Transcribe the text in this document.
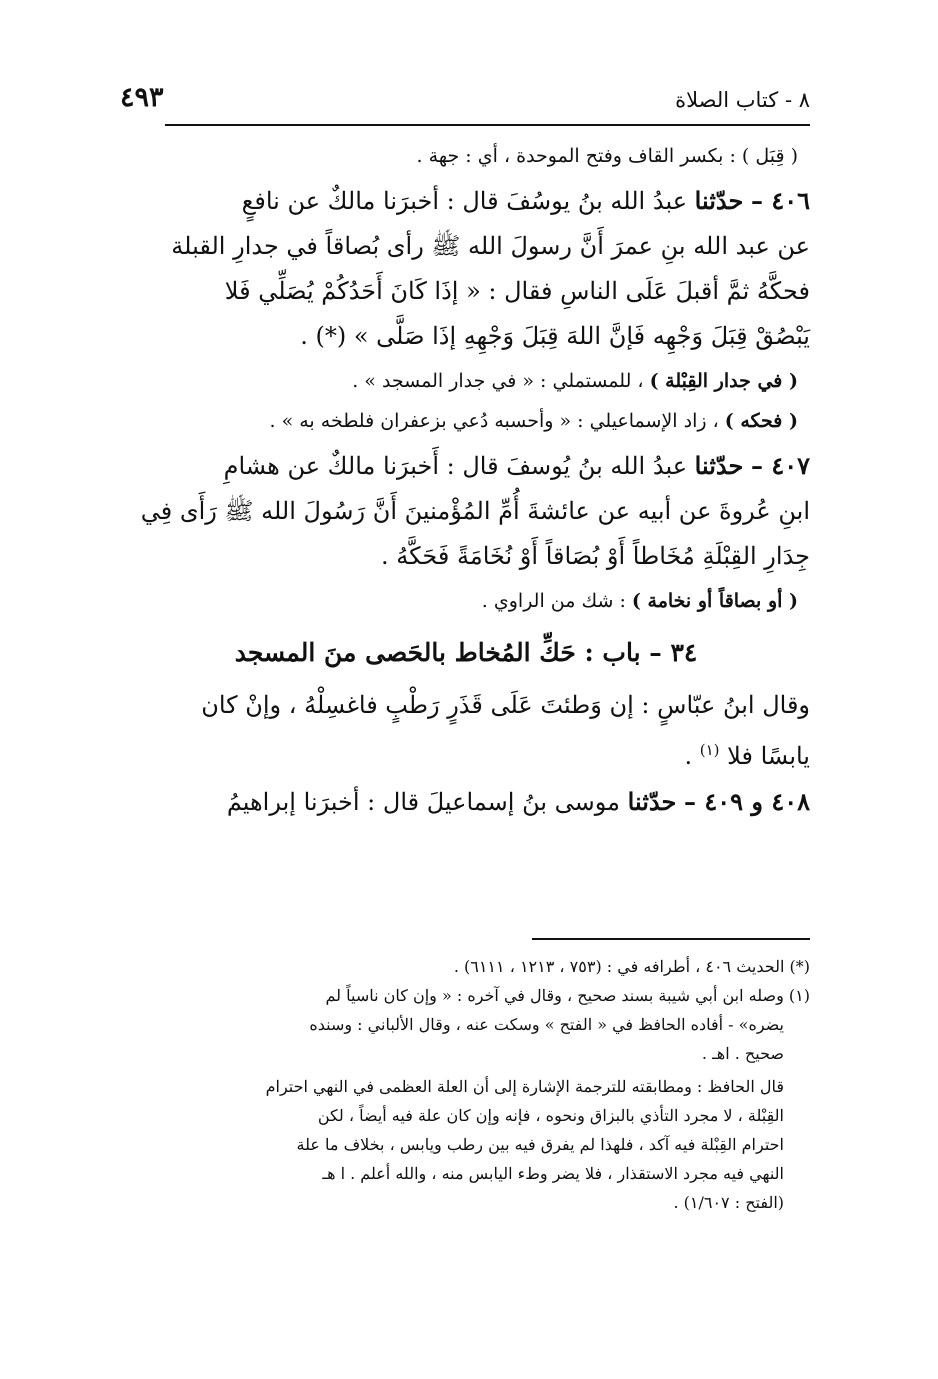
٤٩٣	٨ - كتاب الصلاة

( قِبَل ) : بكسر القاف وفتح الموحدة ، أي : جهة .

٤٠٦ – حدّثنا عبدُ الله بنُ يوسُفَ قال : أخبرَنا مالكٌ عن نافعٍ

عن عبد الله بنِ عمرَ أَنَّ رسولَ الله ﷺ رأى بُصاقاً في جدارِ القبلة

فحكَّهُ ثمَّ أقبلَ عَلَى الناسِ فقال : « إذَا كَانَ أَحَدُكُمْ يُصَلِّي فَلا

يَبْصُقْ قِبَلَ وَجْهِه فَإنَّ اللهَ قِبَلَ وَجْهِهِ إذَا صَلَّى » (*) .

( في جدار القِبْلة ) ، للمستملي : « في جدار المسجد » .

( فحكه ) ، زاد الإسماعيلي : « وأحسبه دُعي بزعفران فلطخه به » .

٤٠٧ – حدّثنا عبدُ الله بنُ يُوسفَ قال : أَخبرَنا مالكٌ عن هشامِ

ابنِ عُروةَ عن أبيه عن عائشةَ أُمِّ المُؤْمنينَ أَنَّ رَسُولَ الله ﷺ رَأَى فِي

جِدَارِ القِبْلَةِ مُخَاطاً أَوْ بُصَاقاً أَوْ نُخَامَةً فَحَكَّهُ .

( أو بصاقاً أو نخامة ) : شك من الراوي .

٣٤ – باب : حَكِّ المُخاط بالحَصى منَ المسجد

وقال ابنُ عبّاسٍ : إن وَطئتَ عَلَى قَذَرٍ رَطْبٍ فاغسِلْهُ ، وإنْ كان

يابسًا فلا $^{(١)}$ .

٤٠٨ و ٤٠٩ – حدّثنا موسى بنُ إسماعيلَ قال : أخبرَنا إبراهيمُ

(*) الحديث ٤٠٦ ، أطرافه في : (٧٥٣ ، ١٢١٣ ، ٦١١١) .

(١) وصله ابن أبي شيبة بسند صحيح ، وقال في آخره : « وإن كان ناسياً لم

يضره» - أفاده الحافظ في « الفتح » وسكت عنه ، وقال الألباني : وسنده

صحيح . اهـ .

قال الحافظ : ومطابقته للترجمة الإشارة إلى أن العلة العظمى في النهي احترام

القِبْلة ، لا مجرد التأذي بالبزاق ونحوه ، فإنه وإن كان علة فيه أيضاً ، لكن

احترام القِبْلة فيه آكد ، فلهذا لم يفرق فيه بين رطب ويابس ، بخلاف ما علة

النهي فيه مجرد الاستقذار ، فلا يضر وطء اليابس منه ، والله أعلم . ا هـ

(الفتح : ١/٦٠٧) .
